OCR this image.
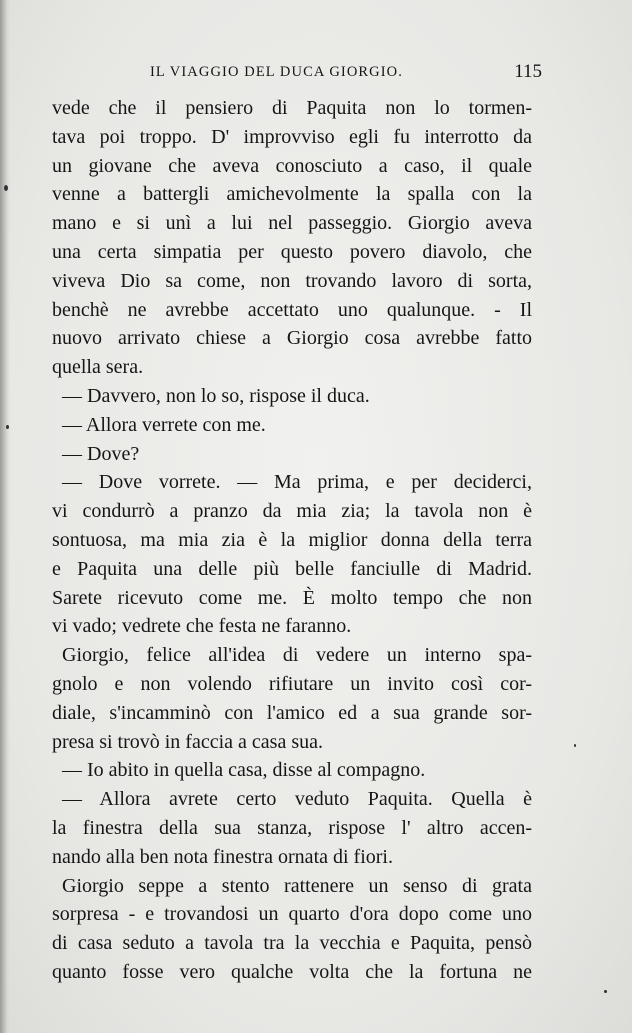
IL VIAGGIO DEL DUCA GIORGIO.	115
vede che il pensiero di Paquita non lo tormen-
tava poi troppo. D' improvviso egli fu interrotto da
un giovane che aveva conosciuto a caso, il quale
venne a battergli amichevolmente la spalla con la
mano e si unì a lui nel passeggio. Giorgio aveva
una certa simpatia per questo povero diavolo, che
viveva Dio sa come, non trovando lavoro di sorta,
benchè ne avrebbe accettato uno qualunque. - Il
nuovo arrivato chiese a Giorgio cosa avrebbe fatto
quella sera.
— Davvero, non lo so, rispose il duca.
— Allora verrete con me.
— Dove?
— Dove vorrete. — Ma prima, e per deciderci,
vi condurrò a pranzo da mia zia; la tavola non è
sontuosa, ma mia zia è la miglior donna della terra
e Paquita una delle più belle fanciulle di Madrid.
Sarete ricevuto come me. È molto tempo che non
vi vado; vedrete che festa ne faranno.
Giorgio, felice all'idea di vedere un interno spa-
gnolo e non volendo rifiutare un invito così cor-
diale, s'incamminò con l'amico ed a sua grande sor-
presa si trovò in faccia a casa sua.
— Io abito in quella casa, disse al compagno.
— Allora avrete certo veduto Paquita. Quella è
la finestra della sua stanza, rispose l' altro accen-
nando alla ben nota finestra ornata di fiori.
Giorgio seppe a stento rattenere un senso di grata
sorpresa - e trovandosi un quarto d'ora dopo come uno
di casa seduto a tavola tra la vecchia e Paquita, pensò
quanto fosse vero qualche volta che la fortuna ne
